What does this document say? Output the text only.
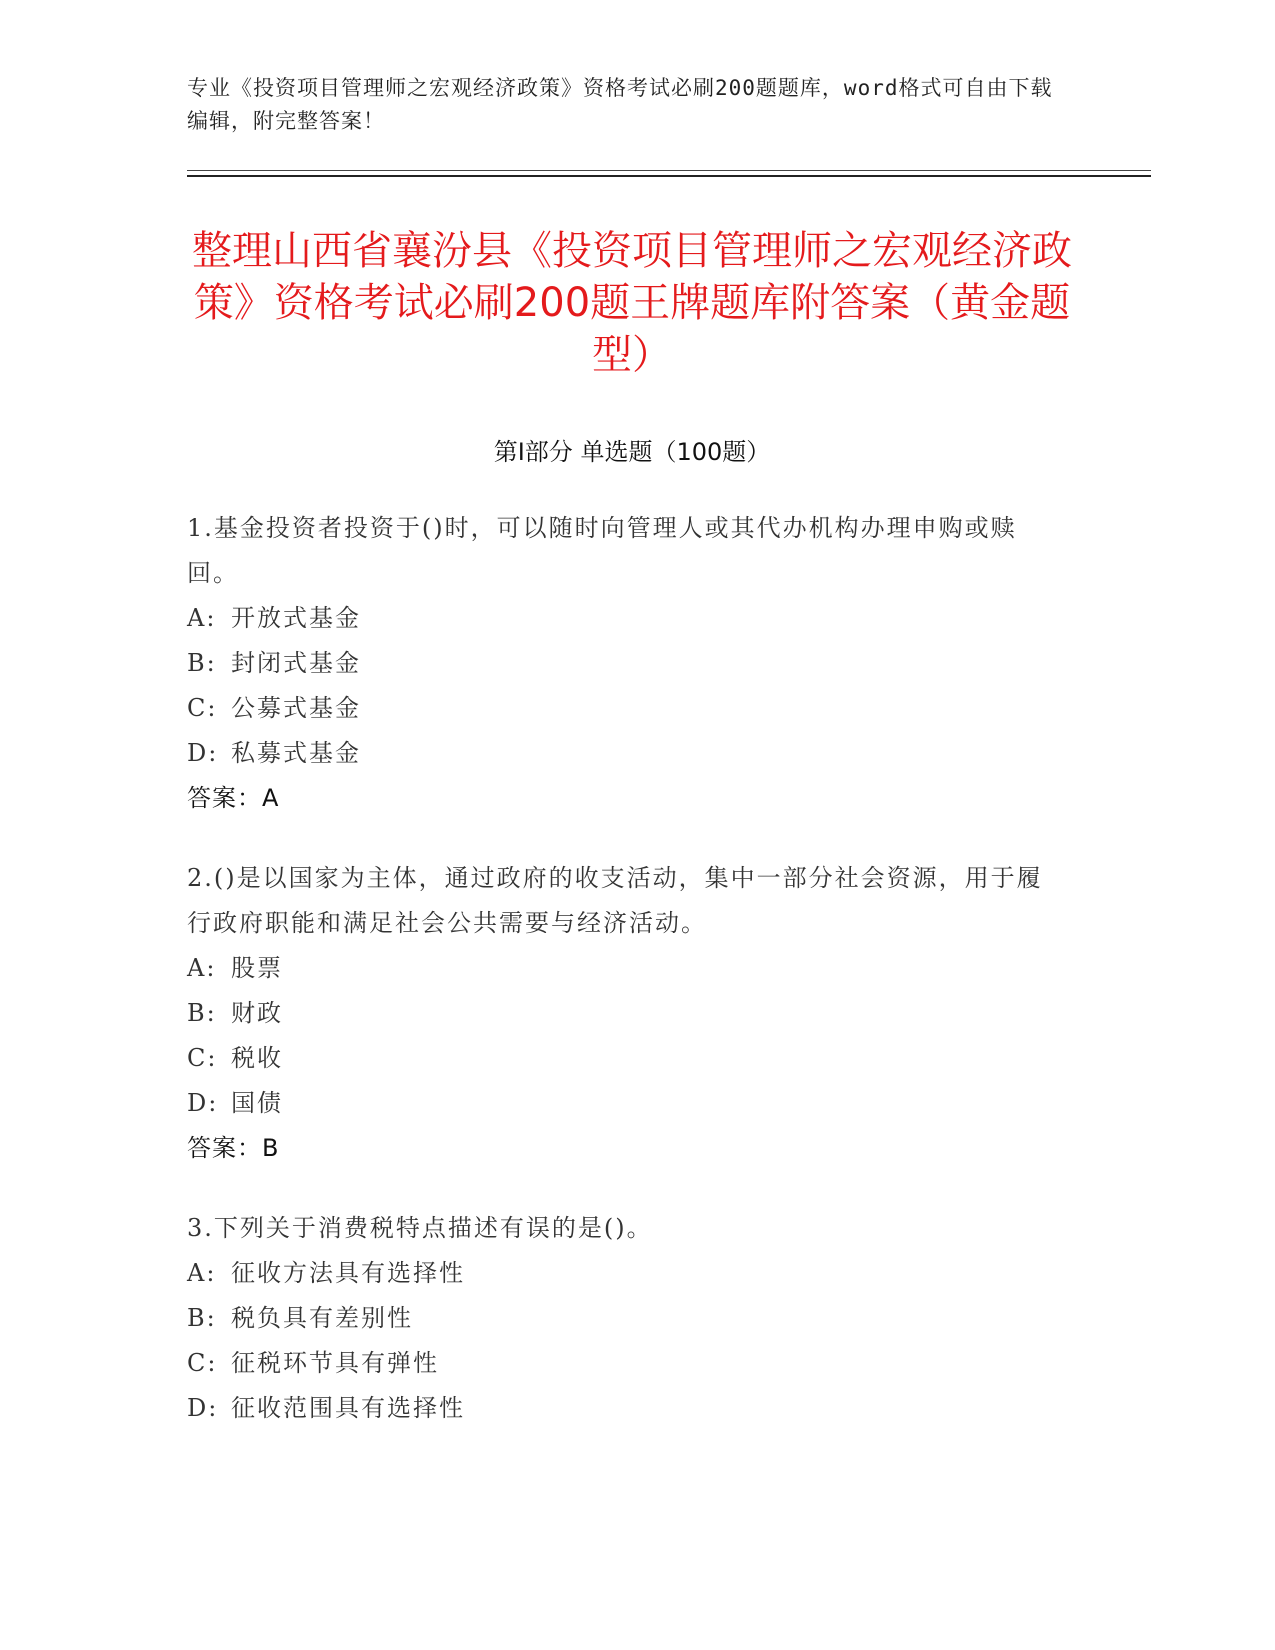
专业《投资项目管理师之宏观经济政策》资格考试必刷200题题库，word格式可自由下载编辑，附完整答案！
整理山西省襄汾县《投资项目管理师之宏观经济政策》资格考试必刷200题王牌题库附答案（黄金题型）
第Ⅰ部分 单选题（100题）

1.基金投资者投资于()时，可以随时向管理人或其代办机构办理申购或赎回。

A: 开放式基金

B: 封闭式基金

C: 公募式基金

D: 私募式基金

答案：A

2.()是以国家为主体，通过政府的收支活动，集中一部分社会资源，用于履行政府职能和满足社会公共需要与经济活动。

A: 股票

B: 财政

C: 税收

D: 国债

答案：B

3.下列关于消费税特点描述有误的是()。

A: 征收方法具有选择性

B: 税负具有差别性

C: 征税环节具有弹性

D: 征收范围具有选择性
